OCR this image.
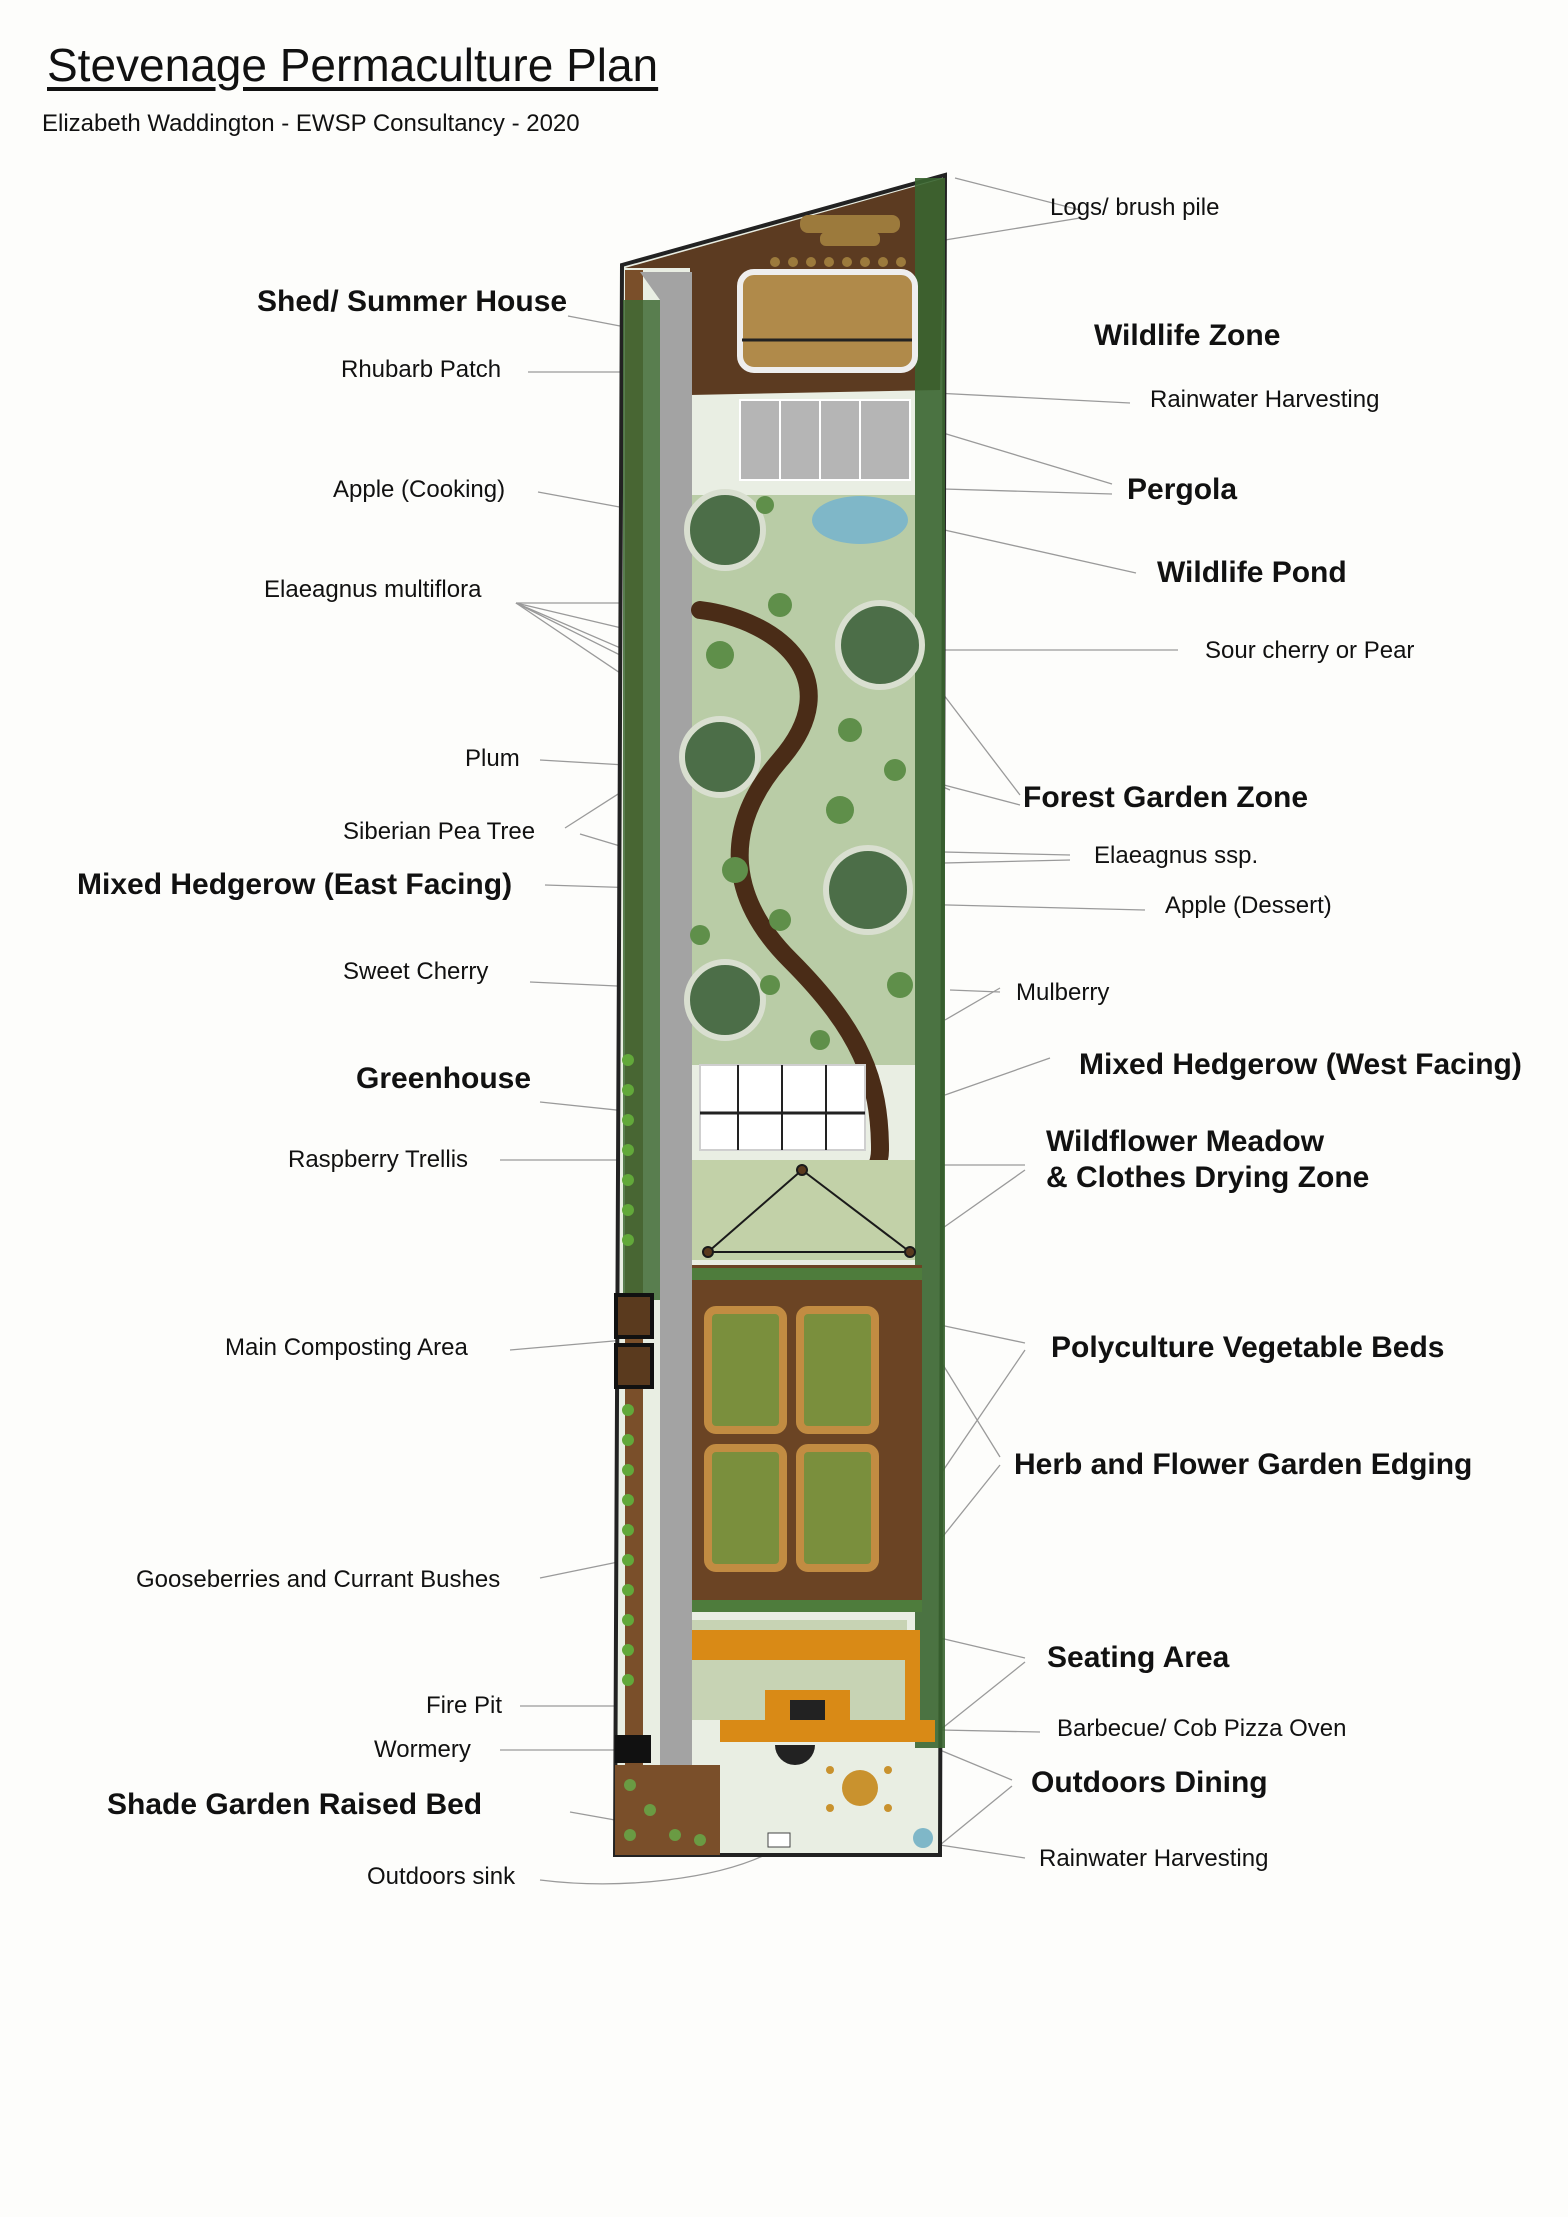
Stevenage Permaculture Plan
Elizabeth Waddington - EWSP Consultancy - 2020
Logs/ brush pile
Shed/ Summer House
Wildlife Zone
Rhubarb Patch
Rainwater Harvesting
Apple (Cooking)	Pergola
Wildlife Pond
Elaeagnus multiflora
Sour cherry or Pear
Plum
Forest Garden Zone
Siberian Pea Tree
Elaeagnus ssp.
Mixed Hedgerow (East Facing)
Apple (Dessert)
Sweet Cherry
Mulberry
Greenhouse	Mixed Hedgerow (West Facing)
Raspberry Trellis
Wildflower Meadow
& Clothes Drying Zone
Main Composting Area	Polyculture Vegetable Beds
Herb and Flower Garden Edging
Gooseberries and Currant Bushes
Seating Area
Fire Pit
Barbecue/ Cob Pizza Oven
Wormery
Outdoors Dining
Shade Garden Raised Bed
Rainwater Harvesting
Outdoors sink
